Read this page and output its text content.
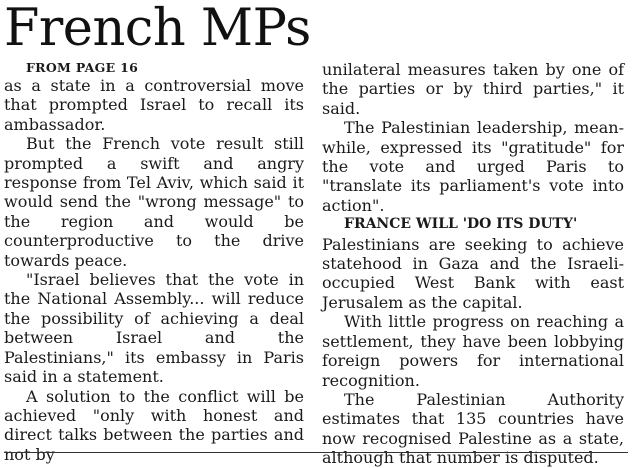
French MPs

FROM PAGE 16

as a state in a controversial move that prompted Israel to recall its ambassador.

But the French vote result still prompted a swift and angry response from Tel Aviv, which said it would send the "wrong message" to the region and would be counterproductive to the drive towards peace.

"Israel believes that the vote in the National Assembly... will reduce the possibility of achieving a deal between Israel and the Palestinians," its embassy in Paris said in a statement.

A solution to the conflict will be achieved "only with honest and direct talks between the parties and not by

unilateral measures taken by one of the parties or by third parties," it said.

The Palestinian leadership, meanwhile, expressed its "gratitude" for the vote and urged Paris to "translate its parliament's vote into action".

FRANCE WILL 'DO ITS DUTY'

Palestinians are seeking to achieve statehood in Gaza and the Israeli-occupied West Bank with east Jerusalem as the capital.

With little progress on reaching a settlement, they have been lobbying foreign powers for international recognition.

The Palestinian Authority estimates that 135 countries have now recognised Palestine as a state, although that number is disputed.
